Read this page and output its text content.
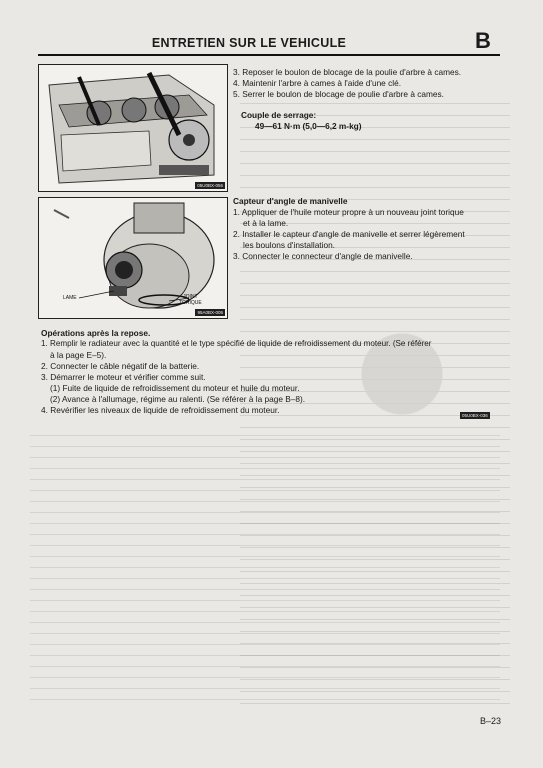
ENTRETIEN SUR LE VEHICULE	B
05U0BX-056
3. Reposer le boulon de blocage de la poulie d'arbre à cames.
4. Maintenir l'arbre à cames à l'aide d'une clé.
5. Serrer le boulon de blocage de poulie d'arbre à cames.
Couple de serrage:
49—61 N·m (5,0—6,2 m-kg)
LAME	JOINT
TORIQUE
95A0BX-005
Capteur d'angle de manivelle
1. Appliquer de l'huile moteur propre à un nouveau joint torique
et à la lame.
2. Installer le capteur d'angle de manivelle et serrer légèrement
les boulons d'installation.
3. Connecter le connecteur d'angle de manivelle.
Opérations après la repose.
1. Remplir le radiateur avec la quantité et le type spécifié de liquide de refroidissement du moteur. (Se référer
à la page E–5).
2. Connecter le câble négatif de la batterie.
3. Démarrer le moteur et vérifier comme suit.
(1) Fuite de liquide de refroidissement du moteur et huile du moteur.
(2) Avance à l'allumage, régime au ralenti. (Se référer à la page B–8).
4. Revérifier les niveaux de liquide de refroidissement du moteur.
05U0BX-036
B–23
